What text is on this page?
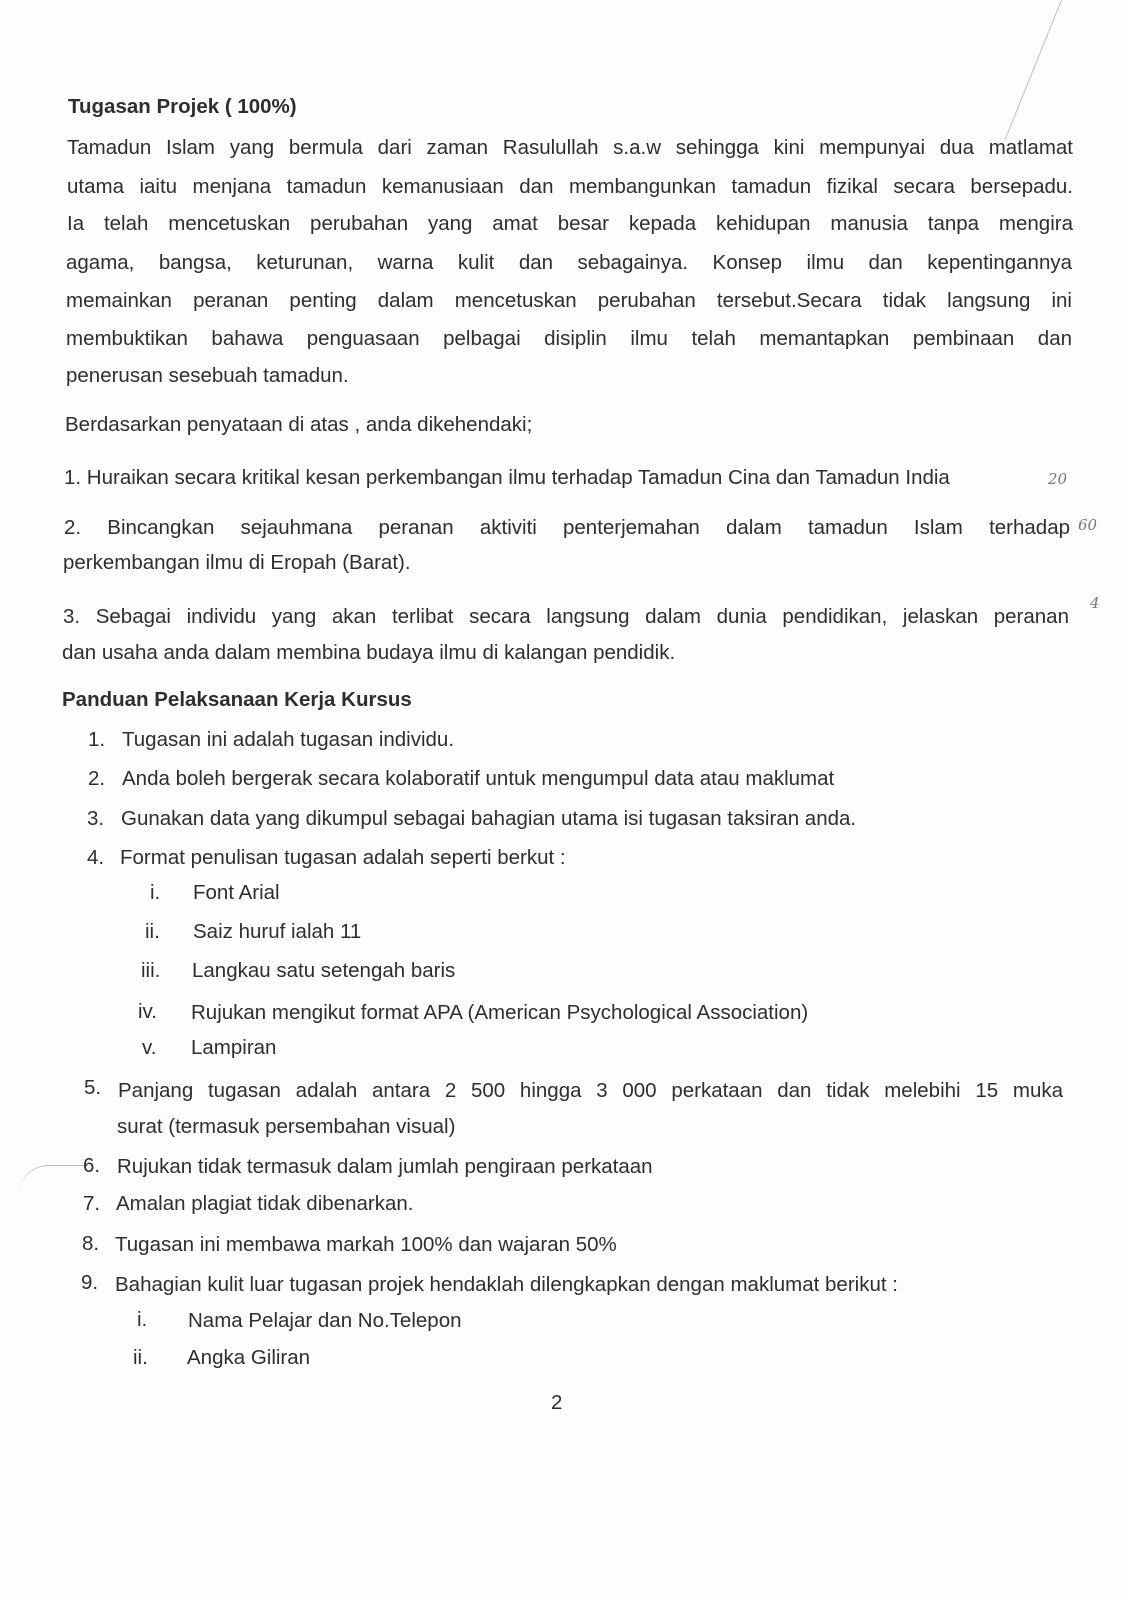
Tugasan Projek ( 100%)
Tamadun Islam yang bermula dari zaman Rasulullah s.a.w sehingga kini mempunyai dua matlamat
utama iaitu menjana tamadun kemanusiaan dan membangunkan tamadun fizikal secara bersepadu.
Ia telah mencetuskan perubahan yang amat besar kepada kehidupan manusia tanpa mengira
agama, bangsa, keturunan, warna kulit dan sebagainya. Konsep ilmu dan kepentingannya
memainkan peranan penting dalam mencetuskan perubahan tersebut.Secara tidak langsung ini
membuktikan bahawa penguasaan pelbagai disiplin ilmu telah memantapkan pembinaan dan
penerusan sesebuah tamadun.
Berdasarkan penyataan di atas , anda dikehendaki;
1. Huraikan secara kritikal kesan perkembangan ilmu terhadap Tamadun Cina dan Tamadun India	20
2. Bincangkan sejauhmana peranan aktiviti penterjemahan dalam tamadun Islam terhadap
perkembangan ilmu di Eropah (Barat).
60
3. Sebagai individu yang akan terlibat secara langsung dalam dunia pendidikan, jelaskan peranan
dan usaha anda dalam membina budaya ilmu di kalangan pendidik.
4
Panduan Pelaksanaan Kerja Kursus
1. Tugasan ini adalah tugasan individu.
2. Anda boleh bergerak secara kolaboratif untuk mengumpul data atau maklumat
3. Gunakan data yang dikumpul sebagai bahagian utama isi tugasan taksiran anda.
4. Format penulisan tugasan adalah seperti berkut :
i. Font Arial
ii. Saiz huruf ialah 11
iii. Langkau satu setengah baris
iv. Rujukan mengikut format APA (American Psychological Association)
v. Lampiran
5. Panjang tugasan adalah antara 2 500 hingga 3 000 perkataan dan tidak melebihi 15 muka
surat (termasuk persembahan visual)
6. Rujukan tidak termasuk dalam jumlah pengiraan perkataan
7. Amalan plagiat tidak dibenarkan.
8. Tugasan ini membawa markah 100% dan wajaran 50%
9. Bahagian kulit luar tugasan projek hendaklah dilengkapkan dengan maklumat berikut :
i. Nama Pelajar dan No.Telepon
ii. Angka Giliran
2
